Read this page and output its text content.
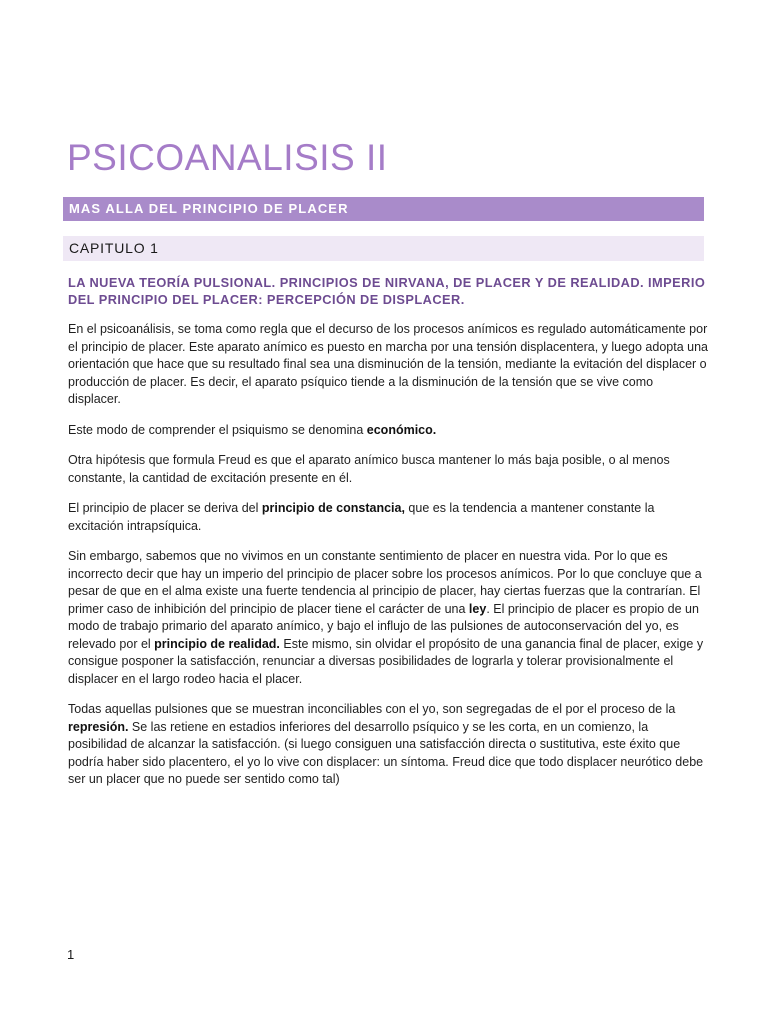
PSICOANALISIS II
MAS ALLA DEL PRINCIPIO DE PLACER
CAPITULO 1
LA NUEVA TEORÍA PULSIONAL. PRINCIPIOS DE NIRVANA, DE PLACER Y DE REALIDAD. IMPERIO DEL PRINCIPIO DEL PLACER: PERCEPCIÓN DE DISPLACER.

En el psicoanálisis, se toma como regla que el decurso de los procesos anímicos es regulado automáticamente por el principio de placer. Este aparato anímico es puesto en marcha por una tensión displacentera, y luego adopta una orientación que hace que su resultado final sea una disminución de la tensión, mediante la evitación del displacer o producción de placer. Es decir, el aparato psíquico tiende a la disminución de la tensión que se vive como displacer.

Este modo de comprender el psiquismo se denomina económico.

Otra hipótesis que formula Freud es que el aparato anímico busca mantener lo más baja posible, o al menos constante, la cantidad de excitación presente en él.

El principio de placer se deriva del principio de constancia, que es la tendencia a mantener constante la excitación intrapsíquica.

Sin embargo, sabemos que no vivimos en un constante sentimiento de placer en nuestra vida. Por lo que es incorrecto decir que hay un imperio del principio de placer sobre los procesos anímicos. Por lo que concluye que a pesar de que en el alma existe una fuerte tendencia al principio de placer, hay ciertas fuerzas que la contrarían. El primer caso de inhibición del principio de placer tiene el carácter de una ley. El principio de placer es propio de un modo de trabajo primario del aparato anímico, y bajo el influjo de las pulsiones de autoconservación del yo, es relevado por el principio de realidad. Este mismo, sin olvidar el propósito de una ganancia final de placer, exige y consigue posponer la satisfacción, renunciar a diversas posibilidades de lograrla y tolerar provisionalmente el displacer en el largo rodeo hacia el placer.

Todas aquellas pulsiones que se muestran inconciliables con el yo, son segregadas de el por el proceso de la represión. Se las retiene en estadios inferiores del desarrollo psíquico y se les corta, en un comienzo, la posibilidad de alcanzar la satisfacción. (si luego consiguen una satisfacción directa o sustitutiva, este éxito que podría haber sido placentero, el yo lo vive con displacer: un síntoma. Freud dice que todo displacer neurótico debe ser un placer que no puede ser sentido como tal)

1
